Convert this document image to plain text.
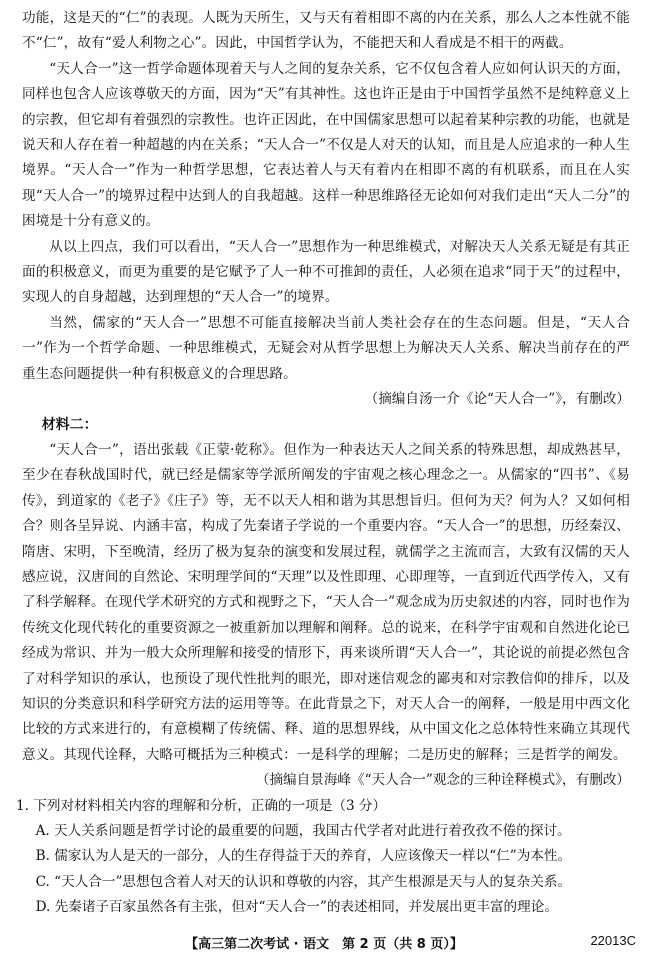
功能，这是天的“仁”的表现。人既为天所生，又与天有着相即不离的内在关系，那么人之本性就不能不“仁”，故有“爱人利物之心”。因此，中国哲学认为，不能把天和人看成是不相干的两截。

“天人合一”这一哲学命题体现着天与人之间的复杂关系，它不仅包含着人应如何认识天的方面，同样也包含人应该尊敬天的方面，因为“天”有其神性。这也许正是由于中国哲学虽然不是纯粹意义上的宗教，但它却有着强烈的宗教性。也许正因此，在中国儒家思想可以起着某种宗教的功能，也就是说天和人存在着一种超越的内在关系；“天人合一”不仅是人对天的认知，而且是人应追求的一种人生境界。“天人合一”作为一种哲学思想，它表达着人与天有着内在相即不离的有机联系，而且在人实现“天人合一”的境界过程中达到人的自我超越。这样一种思维路径无论如何对我们走出“天人二分”的困境是十分有意义的。

从以上四点，我们可以看出，“天人合一”思想作为一种思维模式，对解决天人关系无疑是有其正面的积极意义，而更为重要的是它赋予了人一种不可推卸的责任，人必须在追求“同于天”的过程中，实现人的自身超越，达到理想的“天人合一”的境界。

当然，儒家的“天人合一”思想不可能直接解决当前人类社会存在的生态问题。但是，“天人合一”作为一个哲学命题、一种思维模式，无疑会对从哲学思想上为解决天人关系、解决当前存在的严重生态问题提供一种有积极意义的合理思路。

（摘编自汤一介《论“天人合一”》，有删改）

材料二：

“天人合一”，语出张载《正蒙·乾称》。但作为一种表达天人之间关系的特殊思想，却成熟甚早，至少在春秋战国时代，就已经是儒家等学派所阐发的宇宙观之核心理念之一。从儒家的“四书”、《易传》，到道家的《老子》《庄子》等，无不以天人相和谐为其思想旨归。但何为天？何为人？又如何相合？则各呈异说、内涵丰富，构成了先秦诸子学说的一个重要内容。“天人合一”的思想，历经秦汉、隋唐、宋明，下至晚清，经历了极为复杂的演变和发展过程，就儒学之主流而言，大致有汉儒的天人感应说，汉唐间的自然论、宋明理学间的“天理”以及性即理、心即理等，一直到近代西学传入，又有了科学解释。在现代学术研究的方式和视野之下，“天人合一”观念成为历史叙述的内容，同时也作为传统文化现代转化的重要资源之一被重新加以理解和阐释。总的说来，在科学宇宙观和自然进化论已经成为常识、并为一般大众所理解和接受的情形下，再来谈所谓“天人合一”，其论说的前提必然包含了对科学知识的承认，也预设了现代性批判的眼光，即对迷信观念的鄙夷和对宗教信仰的排斥，以及知识的分类意识和科学研究方法的运用等等。在此背景之下，对天人合一的阐释，一般是用中西文化比较的方式来进行的，有意模糊了传统儒、释、道的思想界线，从中国文化之总体特性来确立其现代意义。其现代诠释，大略可概括为三种模式：一是科学的理解；二是历史的解释；三是哲学的阐发。

（摘编自景海峰《“天人合一”观念的三种诠释模式》，有删改）

1. 下列对材料相关内容的理解和分析，正确的一项是（3 分）

A. 天人关系问题是哲学讨论的最重要的问题，我国古代学者对此进行着孜孜不倦的探讨。

B. 儒家认为人是天的一部分，人的生存得益于天的养育，人应该像天一样以“仁”为本性。

C. “天人合一”思想包含着人对天的认识和尊敬的内容，其产生根源是天与人的复杂关系。

D. 先秦诸子百家虽然各有主张，但对“天人合一”的表述相同，并发展出更丰富的理论。

【高三第二次考试 · 语文　第 2 页（共 8 页）】	22013C
